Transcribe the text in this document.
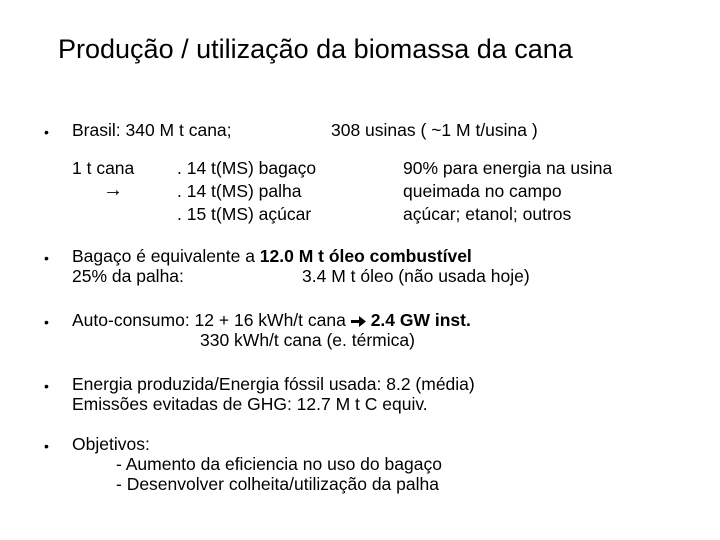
Produção / utilização da biomassa da cana
• Brasil: 340 M t cana;	308 usinas ( ~1 M t/usina )
1 t cana
→
. 14 t(MS) bagaço
. 14 t(MS) palha
. 15 t(MS) açúcar
90% para energia na usina
queimada no campo
açúcar; etanol; outros
• Bagaço é equivalente a 12.0 M t óleo combustível
25% da palha:	3.4 M t óleo (não usada hoje)
• Auto-consumo: 12 + 16 kWh/t cana 2.4 GW inst.
330 kWh/t cana (e. térmica)
• Energia produzida/Energia fóssil usada: 8.2 (média)
Emissões evitadas de GHG: 12.7 M t C equiv.
• Objetivos:
- Aumento da eficiencia no uso do bagaço
- Desenvolver colheita/utilização da palha
